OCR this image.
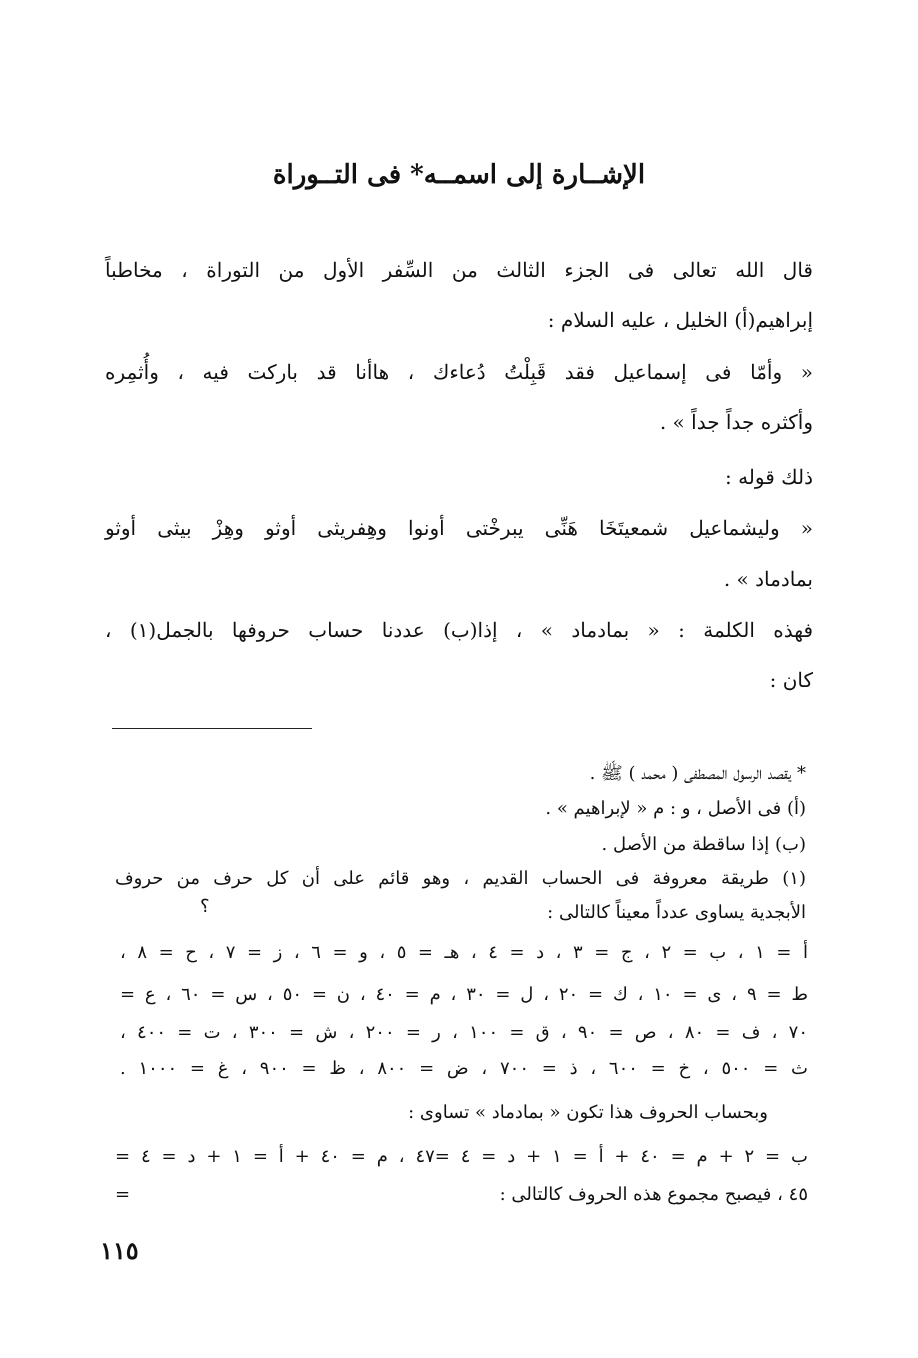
الإشــارة إلى اسمــه* فى التــوراة
قال الله تعالى فى الجزء الثالث من السِّفر الأول من التوراة ، مخاطباً
إبراهيم(أ) الخليل ، عليه السلام :
« وأمّا فى إسماعيل فقد قَبِلْتُ دُعاءك ، هاأنا قد باركت فيه ، وأُثمِره
وأكثره جداً جداً » .
ذلك قوله :
« وليشماعيل شمعيتَخَا هَنِّى يبرخْتى أونوا وهِفريثى أوثو وهِزْ بيثى أوثو
بمادماد » .
فهذه الكلمة : « بمادماد » ، إذا(ب) عددنا حساب حروفها بالجمل(١) ،
كان :
* يقصد الرسول المصطفى ( محمد ) ﷺ .
(أ) فى الأصل ، و : م « لإبراهيم » .
(ب) إذا ساقطة من الأصل .
(١) طريقة معروفة فى الحساب القديم ، وهو قائم على أن كل حرف من حروف
الأبجدية يساوى عدداً معيناً كالتالى :
؟
أ = ١ ، ب = ٢ ، ج = ٣ ، د = ٤ ، هـ = ٥ ، و = ٦ ، ز = ٧ ، ح = ٨ ،
ط = ٩ ، ى = ١٠ ، ك = ٢٠ ، ل = ٣٠ ، م = ٤٠ ، ن = ٥٠ ، س = ٦٠ ، ع =
٧٠ ، ف = ٨٠ ، ص = ٩٠ ، ق = ١٠٠ ، ر = ٢٠٠ ، ش = ٣٠٠ ، ت = ٤٠٠ ،
ث = ٥٠٠ ، خ = ٦٠٠ ، ذ = ٧٠٠ ، ض = ٨٠٠ ، ظ = ٩٠٠ ، غ = ١٠٠٠ .
وبحساب الحروف هذا تكون « بمادماد » تساوى :
ب = ٢ + م = ٤٠ + أ = ١ + د = ٤ =٤٧ ، م = ٤٠ + أ = ١ + د = ٤ =
٤٥ ، فيصبح مجموع هذه الحروف كالتالى :
=
١١٥
